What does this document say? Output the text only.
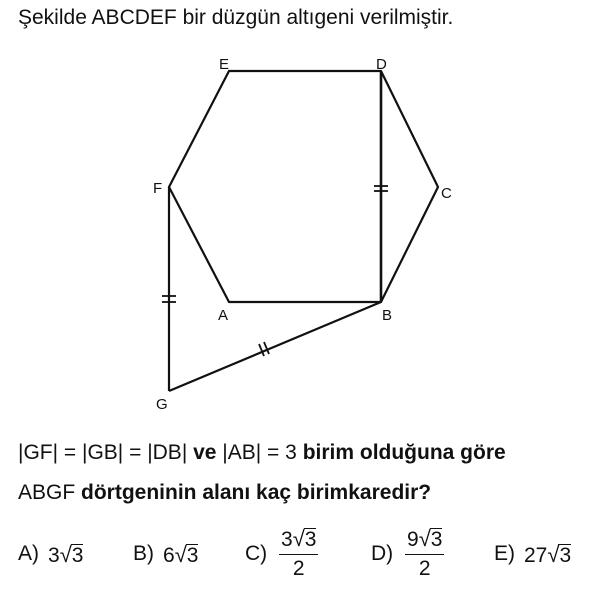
Şekilde ABCDEF bir düzgün altıgeni verilmiştir.
A	B
C
D
E
F
G
|GF| = |GB| = |DB| ve |AB| = 3 birim olduğuna göre
ABGF dörtgeninin alanı kaç birimkaredir?
A) 3√3 B) 6√3 $C) \frac{3√3}{2}$	$D) \frac{9√3}{2} E$) 27√3
